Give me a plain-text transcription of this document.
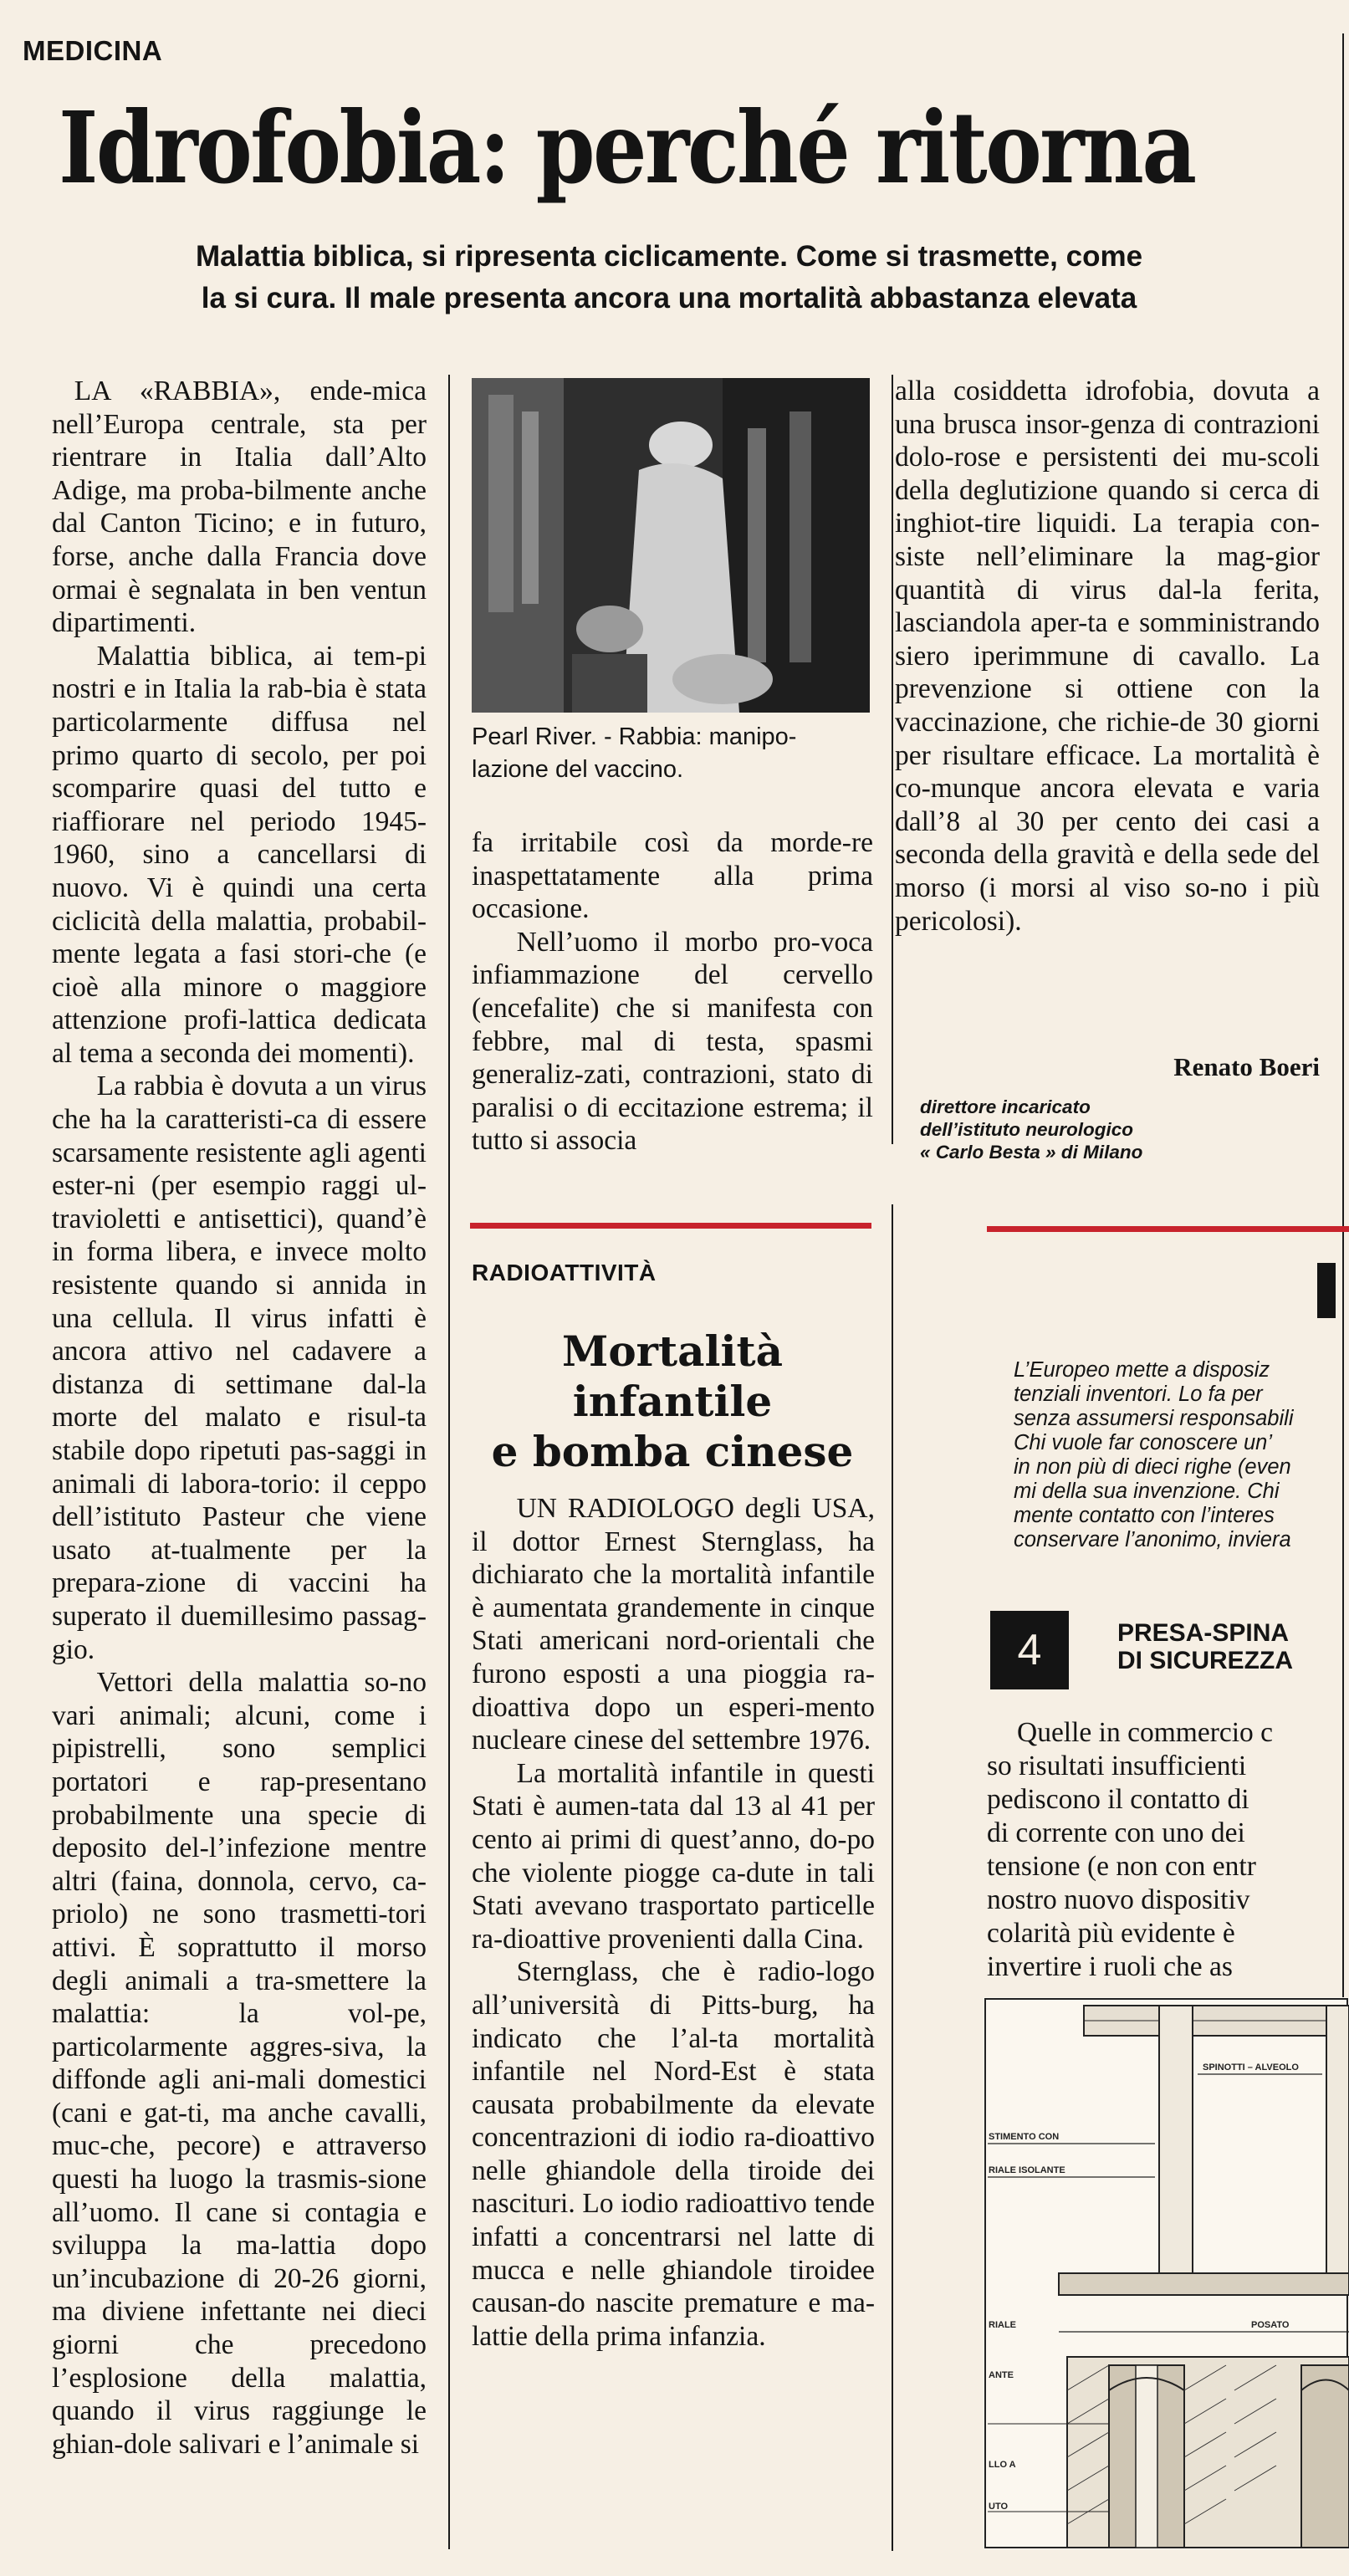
MEDICINA
Idrofobia: perché ritorna
Malattia biblica, si ripresenta ciclicamente. Come si trasmette, come
la si cura. Il male presenta ancora una mortalità abbastanza elevata

LA «RABBIA», ende-mica nell’Europa centrale, sta per rientrare in Italia dall’Alto Adige, ma proba-bilmente anche dal Canton Ticino; e in futuro, forse, anche dalla Francia dove ormai è segnalata in ben ventun dipartimenti.

Malattia biblica, ai tem-pi nostri e in Italia la rab-bia è stata particolarmente diffusa nel primo quarto di secolo, per poi scomparire quasi del tutto e riaffiorare nel periodo 1945-1960, sino a cancellarsi di nuovo. Vi è quindi una certa ciclicità della malattia, probabil-mente legata a fasi stori-che (e cioè alla minore o maggiore attenzione profi-lattica dedicata al tema a seconda dei momenti).

La rabbia è dovuta a un virus che ha la caratteristi-ca di essere scarsamente resistente agli agenti ester-ni (per esempio raggi ul-travioletti e antisettici), quand’è in forma libera, e invece molto resistente quando si annida in una cellula. Il virus infatti è ancora attivo nel cadavere a distanza di settimane dal-la morte del malato e risul-ta stabile dopo ripetuti pas-saggi in animali di labora-torio: il ceppo dell’istituto Pasteur che viene usato at-tualmente per la prepara-zione di vaccini ha superato il duemillesimo passag-gio.

Vettori della malattia so-no vari animali; alcuni, come i pipistrelli, sono semplici portatori e rap-presentano probabilmente una specie di deposito del-l’infezione mentre altri (faina, donnola, cervo, ca-priolo) ne sono trasmetti-tori attivi. È soprattutto il morso degli animali a tra-smettere la malattia: la vol-pe, particolarmente aggres-siva, la diffonde agli ani-mali domestici (cani e gat-ti, ma anche cavalli, muc-che, pecore) e attraverso questi ha luogo la trasmis-sione all’uomo. Il cane si contagia e sviluppa la ma-lattia dopo un’incubazione di 20-26 giorni, ma diviene infettante nei dieci giorni che precedono l’esplosione della malattia, quando il virus raggiunge le ghian-dole salivari e l’animale si

Pearl River. - Rabbia: manipo-lazione del vaccino.

fa irritabile così da morde-re inaspettatamente alla prima occasione.

Nell’uomo il morbo pro-voca infiammazione del cervello (encefalite) che si manifesta con febbre, mal di testa, spasmi generaliz-zati, contrazioni, stato di paralisi o di eccitazione estrema; il tutto si associa

alla cosiddetta idrofobia, dovuta a una brusca insor-genza di contrazioni dolo-rose e persistenti dei mu-scoli della deglutizione quando si cerca di inghiot-tire liquidi. La terapia con-siste nell’eliminare la mag-gior quantità di virus dal-la ferita, lasciandola aper-ta e somministrando siero iperimmune di cavallo. La prevenzione si ottiene con la vaccinazione, che richie-de 30 giorni per risultare efficace. La mortalità è co-munque ancora elevata e varia dall’8 al 30 per cento dei casi a seconda della gravità e della sede del morso (i morsi al viso so-no i più pericolosi).

Renato Boeri
direttore incaricato
dell’istituto neurologico
« Carlo Besta » di Milano
RADIOATTIVITÀ
Mortalità
infantile
e bomba cinese

UN RADIOLOGO degli USA, il dottor Ernest Sternglass, ha dichiarato che la mortalità infantile è aumentata grandemente in cinque Stati americani nord-orientali che furono esposti a una pioggia ra-dioattiva dopo un esperi-mento nucleare cinese del settembre 1976.

La mortalità infantile in questi Stati è aumen-tata dal 13 al 41 per cento ai primi di quest’anno, do-po che violente piogge ca-dute in tali Stati avevano trasportato particelle ra-dioattive provenienti dalla Cina.

Sternglass, che è radio-logo all’università di Pitts-burg, ha indicato che l’al-ta mortalità infantile nel Nord-Est è stata causata probabilmente da elevate concentrazioni di iodio ra-dioattivo nelle ghiandole della tiroide dei nascituri. Lo iodio radioattivo tende infatti a concentrarsi nel latte di mucca e nelle ghiandole tiroidee causan-do nascite premature e ma-lattie della prima infanzia.

L’Europeo mette a disposiz
tenziali inventori. Lo fa per
senza assumersi responsabili
Chi vuole far conoscere un’
in non più di dieci righe (even
mi della sua invenzione. Chi
mente contatto con l’interes
conservare l’anonimo, inviera
4	PRESA-SPINA
DI SICUREZZA
Quelle in commercio c
so risultati insufficienti
pediscono il contatto di
di corrente con uno dei
tensione (e non con entr
nostro nuovo dispositiv
colarità più evidente è
invertire i ruoli che as
STIMENTO CON
RIALE ISOLANTE
SPINOTTI – ALVEOLO
RIALE	POSATO
ANTE
LLO A
UTO
